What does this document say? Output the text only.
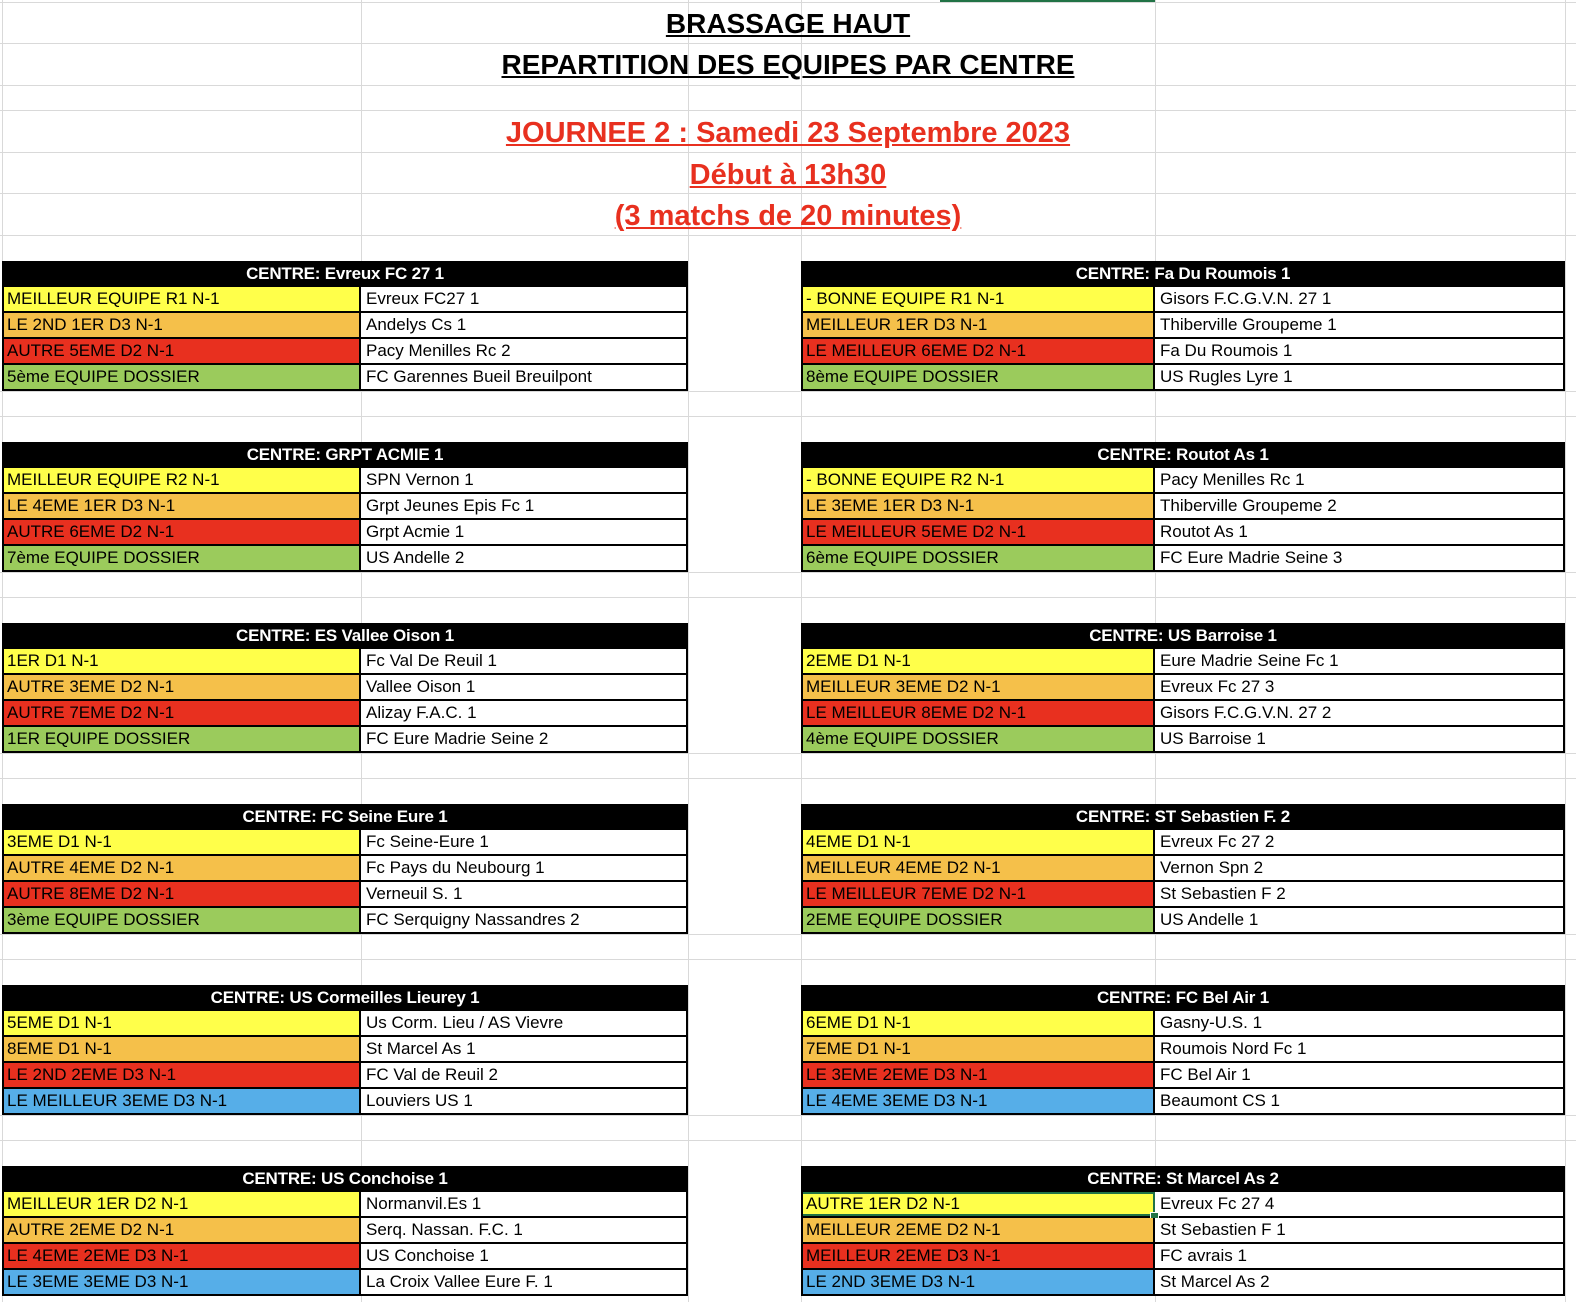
BRASSAGE HAUT
REPARTITION DES EQUIPES PAR CENTRE
JOURNEE 2 : Samedi 23 Septembre 2023
Début à 13h30
(3 matchs de 20 minutes)
CENTRE: Evreux FC 27 1
MEILLEUR EQUIPE R1 N-1	Evreux FC27 1
LE 2ND 1ER D3 N-1	Andelys Cs 1
AUTRE 5EME D2 N-1	Pacy Menilles Rc 2
5ème EQUIPE DOSSIER	FC Garennes Bueil Breuilpont
CENTRE: Fa Du Roumois 1
- BONNE EQUIPE R1 N-1	Gisors F.C.G.V.N. 27 1
MEILLEUR 1ER D3 N-1	Thiberville Groupeme 1
LE MEILLEUR 6EME D2 N-1	Fa Du Roumois 1
8ème EQUIPE DOSSIER	US Rugles Lyre 1
CENTRE: GRPT ACMIE 1
MEILLEUR EQUIPE R2 N-1	SPN Vernon 1
LE 4EME 1ER D3 N-1	Grpt Jeunes Epis Fc 1
AUTRE 6EME D2 N-1	Grpt Acmie 1
7ème EQUIPE DOSSIER	US Andelle 2
CENTRE: Routot As 1
- BONNE EQUIPE R2 N-1	Pacy Menilles Rc 1
LE 3EME 1ER D3 N-1	Thiberville Groupeme 2
LE MEILLEUR 5EME D2 N-1	Routot As 1
6ème EQUIPE DOSSIER	FC Eure Madrie Seine 3
CENTRE: ES Vallee Oison 1
1ER D1 N-1	Fc Val De Reuil 1
AUTRE 3EME D2 N-1	Vallee Oison 1
AUTRE 7EME D2 N-1	Alizay F.A.C. 1
1ER EQUIPE DOSSIER	FC Eure Madrie Seine 2
CENTRE: US Barroise 1
2EME D1 N-1	Eure Madrie Seine Fc 1
MEILLEUR 3EME D2 N-1	Evreux Fc 27 3
LE MEILLEUR 8EME D2 N-1	Gisors F.C.G.V.N. 27 2
4ème EQUIPE DOSSIER	US Barroise 1
CENTRE: FC Seine Eure 1
3EME D1 N-1	Fc Seine-Eure 1
AUTRE 4EME D2 N-1	Fc Pays du Neubourg 1
AUTRE 8EME D2 N-1	Verneuil S. 1
3ème EQUIPE DOSSIER	FC Serquigny Nassandres 2
CENTRE: ST Sebastien F. 2
4EME D1 N-1	Evreux Fc 27 2
MEILLEUR 4EME D2 N-1	Vernon Spn 2
LE MEILLEUR 7EME D2 N-1	St Sebastien F 2
2EME EQUIPE DOSSIER	US Andelle 1
CENTRE: US Cormeilles Lieurey 1
5EME D1 N-1	Us Corm. Lieu / AS Vievre
8EME D1 N-1	St Marcel As 1
LE 2ND 2EME D3 N-1	FC Val de Reuil 2
LE MEILLEUR 3EME D3 N-1	Louviers US 1
CENTRE: FC Bel Air 1
6EME D1 N-1	Gasny-U.S. 1
7EME D1 N-1	Roumois Nord Fc 1
LE 3EME 2EME D3 N-1	FC Bel Air 1
LE 4EME 3EME D3 N-1	Beaumont CS 1
CENTRE: US Conchoise 1
MEILLEUR 1ER D2 N-1	Normanvil.Es 1
AUTRE 2EME D2 N-1	Serq. Nassan. F.C. 1
LE 4EME 2EME D3 N-1	US Conchoise 1
LE 3EME 3EME D3 N-1	La Croix Vallee Eure F. 1
CENTRE: St Marcel As 2
AUTRE 1ER D2 N-1	Evreux Fc 27 4
MEILLEUR 2EME D2 N-1	St Sebastien F 1
MEILLEUR 2EME D3 N-1	FC avrais 1
LE 2ND 3EME D3 N-1	St Marcel As 2
